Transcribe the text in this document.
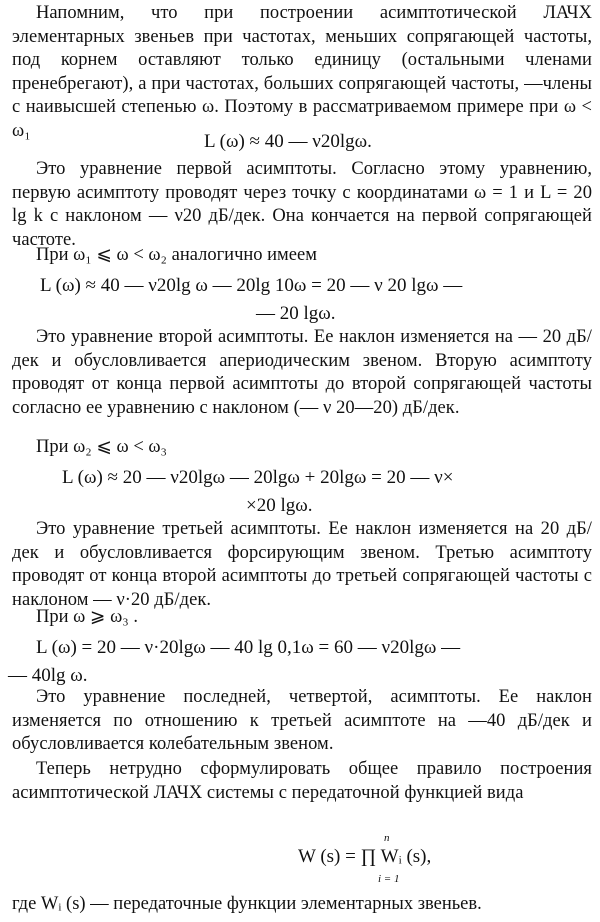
Напомним, что при построении асимптотической ЛАЧХ элементарных звеньев при частотах, меньших сопрягающей частоты, под корнем оставляют только единицу (остальными членами пренебрегают), а при частотах, больших сопрягающей частоты, —члены с наивысшей степенью ω. Поэтому в рассматриваемом примере при ω < ω₁

L (ω) ≈ 40 — ν20lgω.

Это уравнение первой асимптоты. Согласно этому уравнению, первую асимптоту проводят через точку с координатами ω = 1 и L = 20 lg k с наклоном — ν20 дБ/дек. Она кончается на первой сопрягающей частоте.

При ω₁ ⩽ ω < ω₂ аналогично имеем

L (ω) ≈ 40 — ν20lg ω — 20lg 10ω = 20 — ν 20 lgω —

— 20 lgω.

Это уравнение второй асимптоты. Ее наклон изменяется на — 20 дБ/дек и обусловливается апериодическим звеном. Вторую асимптоту проводят от конца первой асимптоты до второй сопрягающей частоты согласно ее уравнению с наклоном (— ν 20—20) дБ/дек.

При ω₂ ⩽ ω < ω₃

L (ω) ≈ 20 — ν20lgω — 20lgω + 20lgω = 20 — ν×

×20 lgω.

Это уравнение третьей асимптоты. Ее наклон изменяется на 20 дБ/дек и обусловливается форсирующим звеном. Третью асимптоту проводят от конца второй асимптоты до третьей сопрягающей частоты с наклоном — ν·20 дБ/дек.

При ω ⩾ ω₃ .

L (ω) = 20 — ν·20lgω — 40 lg 0,1ω = 60 — ν20lgω —

— 40lg ω.

Это уравнение последней, четвертой, асимптоты. Ее наклон изменяется по отношению к третьей асимптоте на —40 дБ/дек и обусловливается колебательным звеном.

Теперь нетрудно сформулировать общее правило построения асимптотической ЛАЧХ системы с передаточной функцией вида

W (s) = ∏ Wᵢ (s),
n
i = 1

где Wᵢ (s) — передаточные функции элементарных звеньев.
